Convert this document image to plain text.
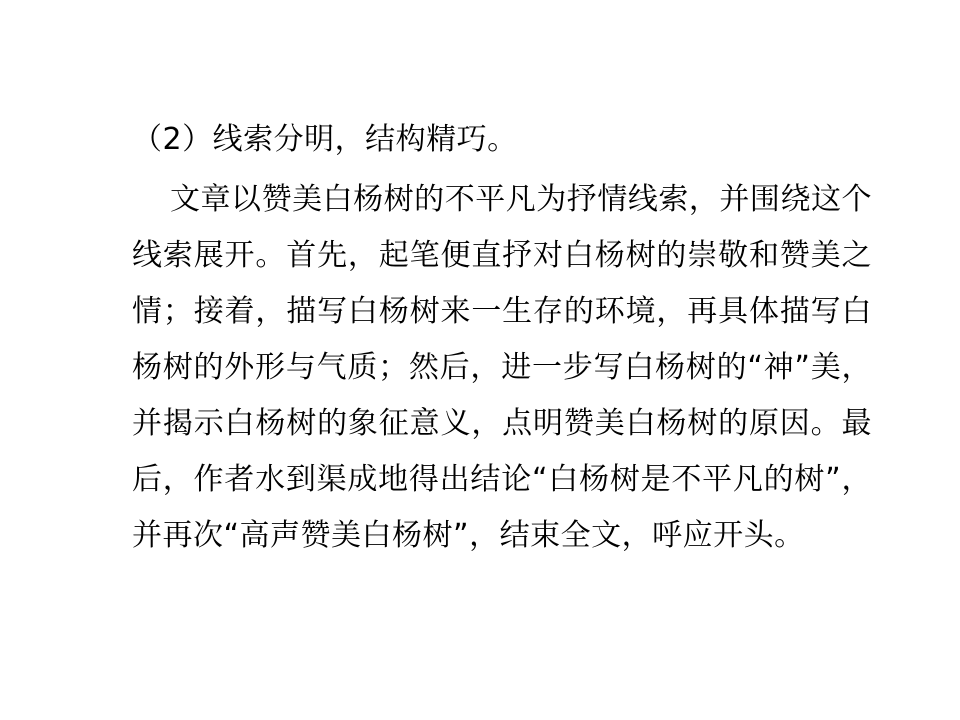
（2）线索分明，结构精巧。

文章以赞美白杨树的不平凡为抒情线索，并围绕这个线索展开。首先，起笔便直抒对白杨树的崇敬和赞美之情；接着，描写白杨树来一生存的环境，再具体描写白杨树的外形与气质；然后，进一步写白杨树的“神”美，并揭示白杨树的象征意义，点明赞美白杨树的原因。最后，作者水到渠成地得出结论“白杨树是不平凡的树”，并再次“高声赞美白杨树”，结束全文，呼应开头。
